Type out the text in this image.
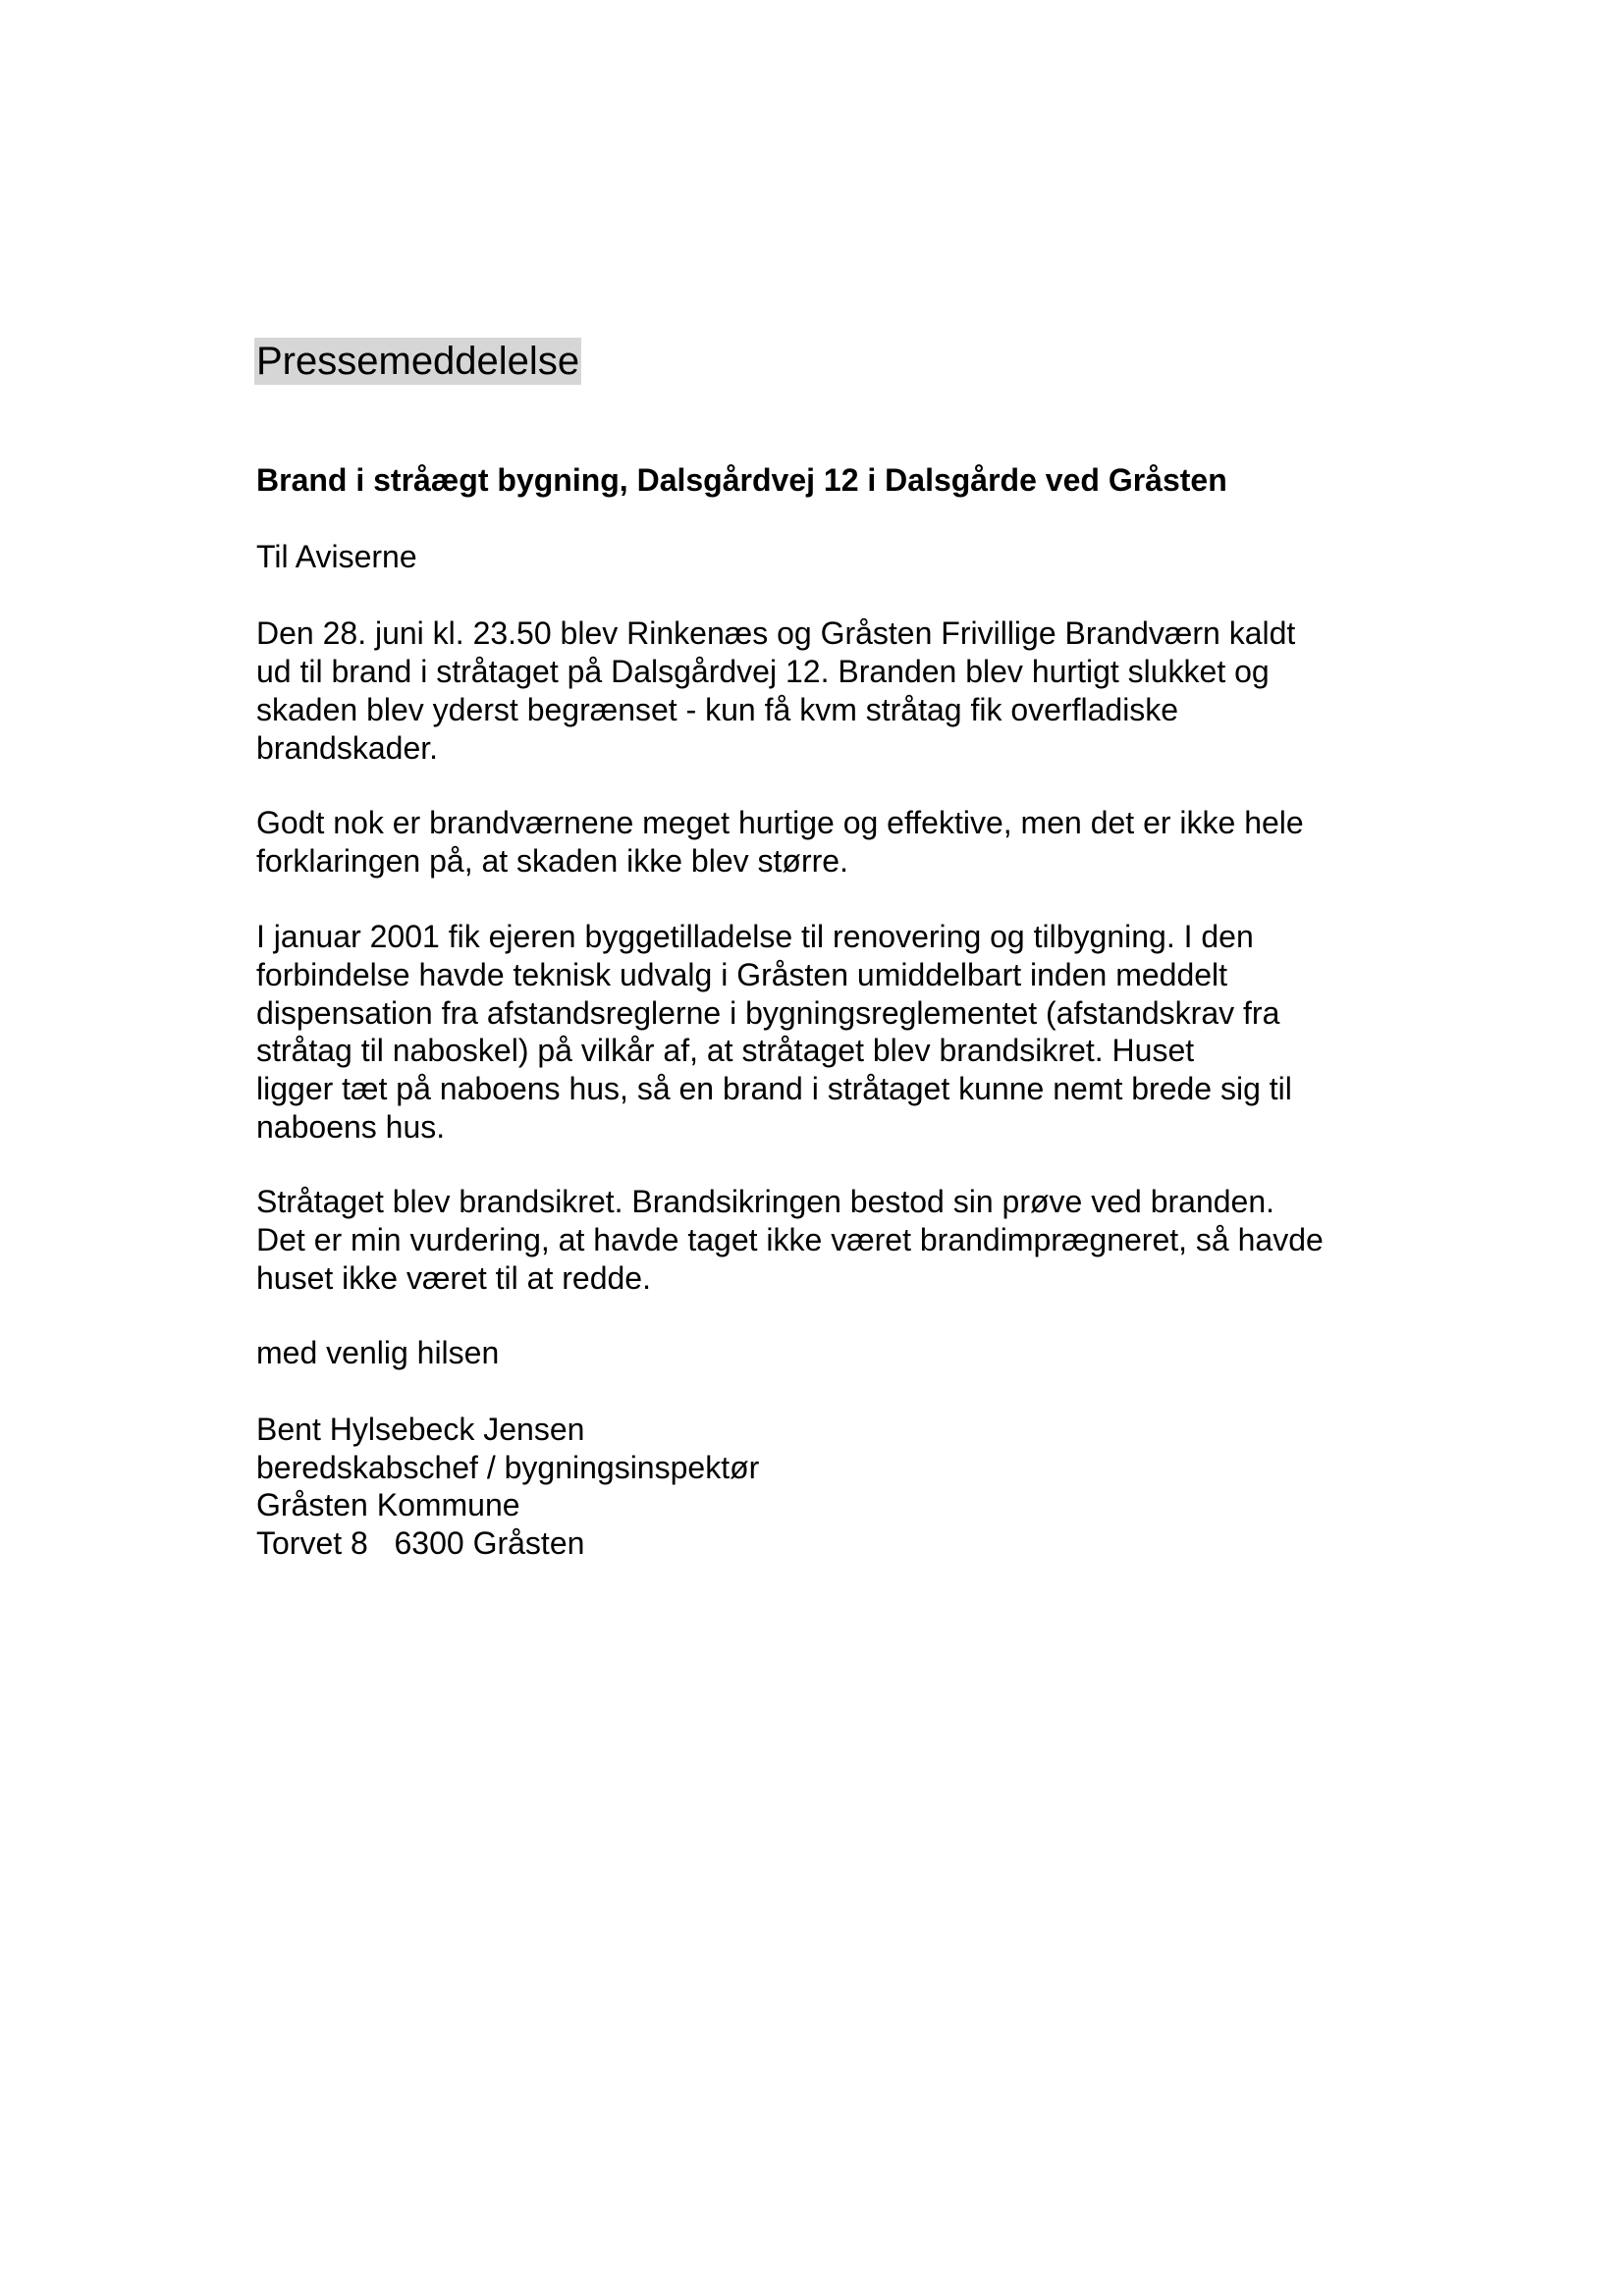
Pressemeddelelse
Brand i stråægt bygning, Dalsgårdvej 12 i Dalsgårde ved Gråsten

Til Aviserne

Den 28. juni kl. 23.50 blev Rinkenæs og Gråsten Frivillige Brandværn kaldt

ud til brand i stråtaget på Dalsgårdvej 12. Branden blev hurtigt slukket og

skaden blev yderst begrænset - kun få kvm stråtag fik overfladiske

brandskader.

Godt nok er brandværnene meget hurtige og effektive, men det er ikke hele

forklaringen på, at skaden ikke blev større.

I januar 2001 fik ejeren byggetilladelse til renovering og tilbygning. I den

forbindelse havde teknisk udvalg i Gråsten umiddelbart inden meddelt

dispensation fra afstandsreglerne i bygningsreglementet (afstandskrav fra

stråtag til naboskel) på vilkår af, at stråtaget blev brandsikret. Huset

ligger tæt på naboens hus, så en brand i stråtaget kunne nemt brede sig til

naboens hus.

Stråtaget blev brandsikret. Brandsikringen bestod sin prøve ved branden.

Det er min vurdering, at havde taget ikke været brandimprægneret, så havde

huset ikke været til at redde.

med venlig hilsen

Bent Hylsebeck Jensen

beredskabschef / bygningsinspektør

Gråsten Kommune

Torvet 8   6300 Gråsten
